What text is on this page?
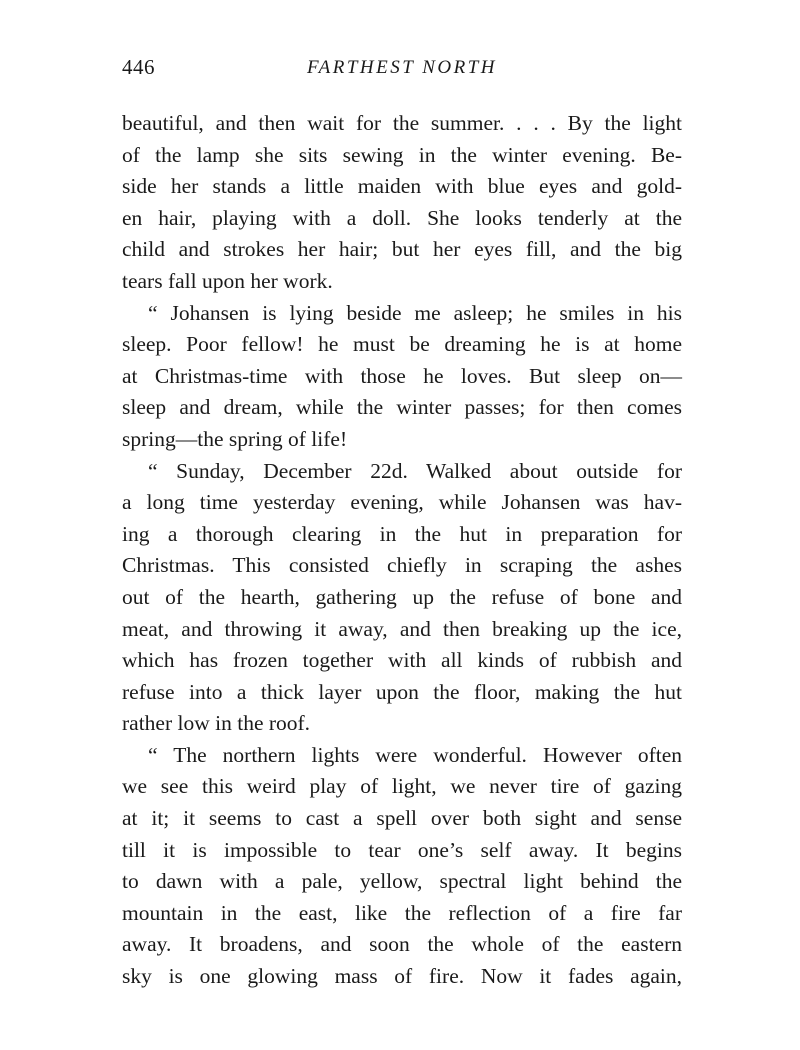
446	FARTHEST NORTH
beautiful, and then wait for the summer. . . . By the light
of the lamp she sits sewing in the winter evening. Be-
side her stands a little maiden with blue eyes and gold-
en hair, playing with a doll. She looks tenderly at the
child and strokes her hair; but her eyes fill, and the big
tears fall upon her work.
“ Johansen is lying beside me asleep; he smiles in his
sleep. Poor fellow! he must be dreaming he is at home
at Christmas-time with those he loves. But sleep on—
sleep and dream, while the winter passes; for then comes
spring—the spring of life!
“ Sunday, December 22d. Walked about outside for
a long time yesterday evening, while Johansen was hav-
ing a thorough clearing in the hut in preparation for
Christmas. This consisted chiefly in scraping the ashes
out of the hearth, gathering up the refuse of bone and
meat, and throwing it away, and then breaking up the ice,
which has frozen together with all kinds of rubbish and
refuse into a thick layer upon the floor, making the hut
rather low in the roof.
“ The northern lights were wonderful. However often
we see this weird play of light, we never tire of gazing
at it; it seems to cast a spell over both sight and sense
till it is impossible to tear one’s self away. It begins
to dawn with a pale, yellow, spectral light behind the
mountain in the east, like the reflection of a fire far
away. It broadens, and soon the whole of the eastern
sky is one glowing mass of fire. Now it fades again,
